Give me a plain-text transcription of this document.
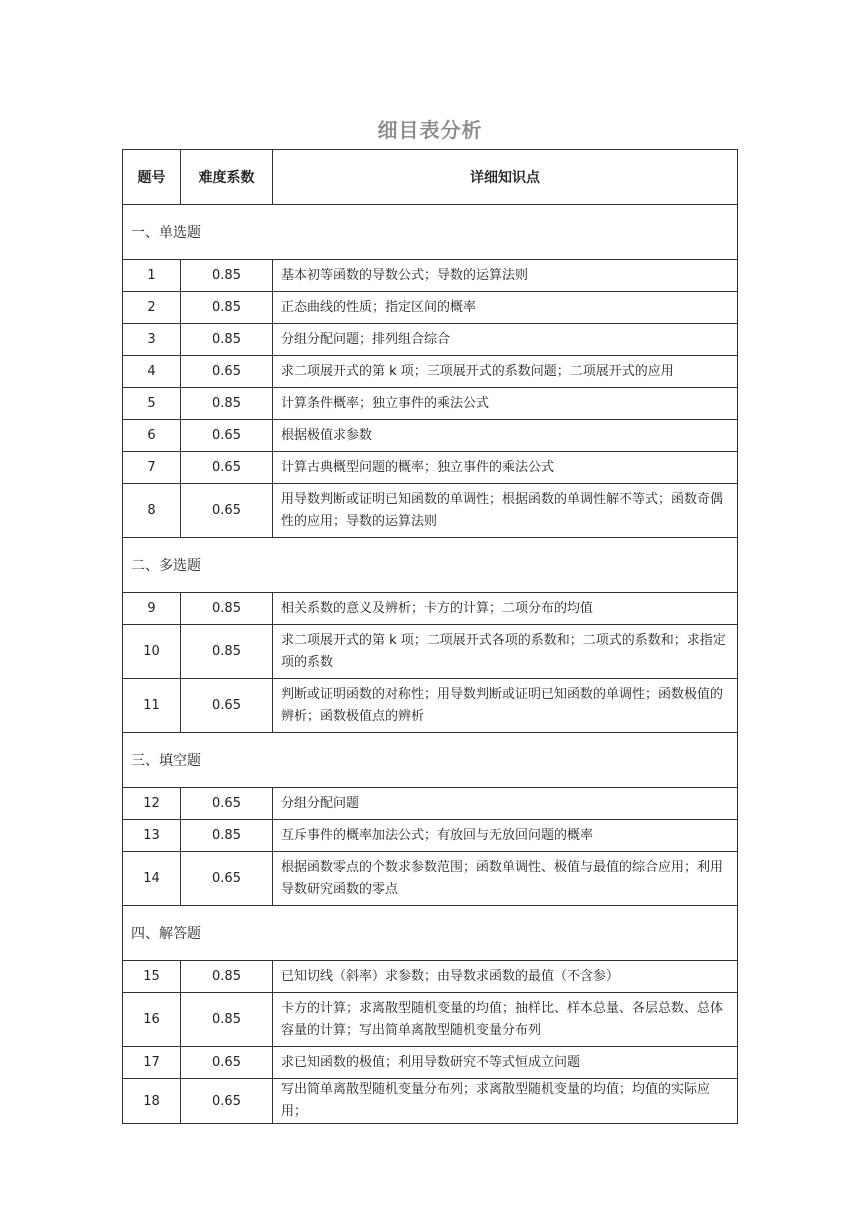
细目表分析
题号	难度系数	详细知识点
一、单选题		
1	0.85	基本初等函数的导数公式；导数的运算法则
2	0.85	正态曲线的性质；指定区间的概率
3	0.85	分组分配问题；排列组合综合
4	0.65	求二项展开式的第 k 项；三项展开式的系数问题；二项展开式的应用
5	0.85	计算条件概率；独立事件的乘法公式
6	0.65	根据极值求参数
7	0.65	计算古典概型问题的概率；独立事件的乘法公式
8	0.65	用导数判断或证明已知函数的单调性；根据函数的单调性解不等式；函数奇偶性的应用；导数的运算法则
二、多选题		
9	0.85	相关系数的意义及辨析；卡方的计算；二项分布的均值
10	0.85	求二项展开式的第 k 项；二项展开式各项的系数和；二项式的系数和；求指定项的系数
11	0.65	判断或证明函数的对称性；用导数判断或证明已知函数的单调性；函数极值的辨析；函数极值点的辨析
三、填空题		
12	0.65	分组分配问题
13	0.85	互斥事件的概率加法公式；有放回与无放回问题的概率
14	0.65	根据函数零点的个数求参数范围；函数单调性、极值与最值的综合应用；利用导数研究函数的零点
四、解答题		
15	0.85	已知切线（斜率）求参数；由导数求函数的最值（不含参）
16	0.85	卡方的计算；求离散型随机变量的均值；抽样比、样本总量、各层总数、总体容量的计算；写出简单离散型随机变量分布列
17	0.65	求已知函数的极值；利用导数研究不等式恒成立问题
18	0.65	写出简单离散型随机变量分布列；求离散型随机变量的均值；均值的实际应用；
